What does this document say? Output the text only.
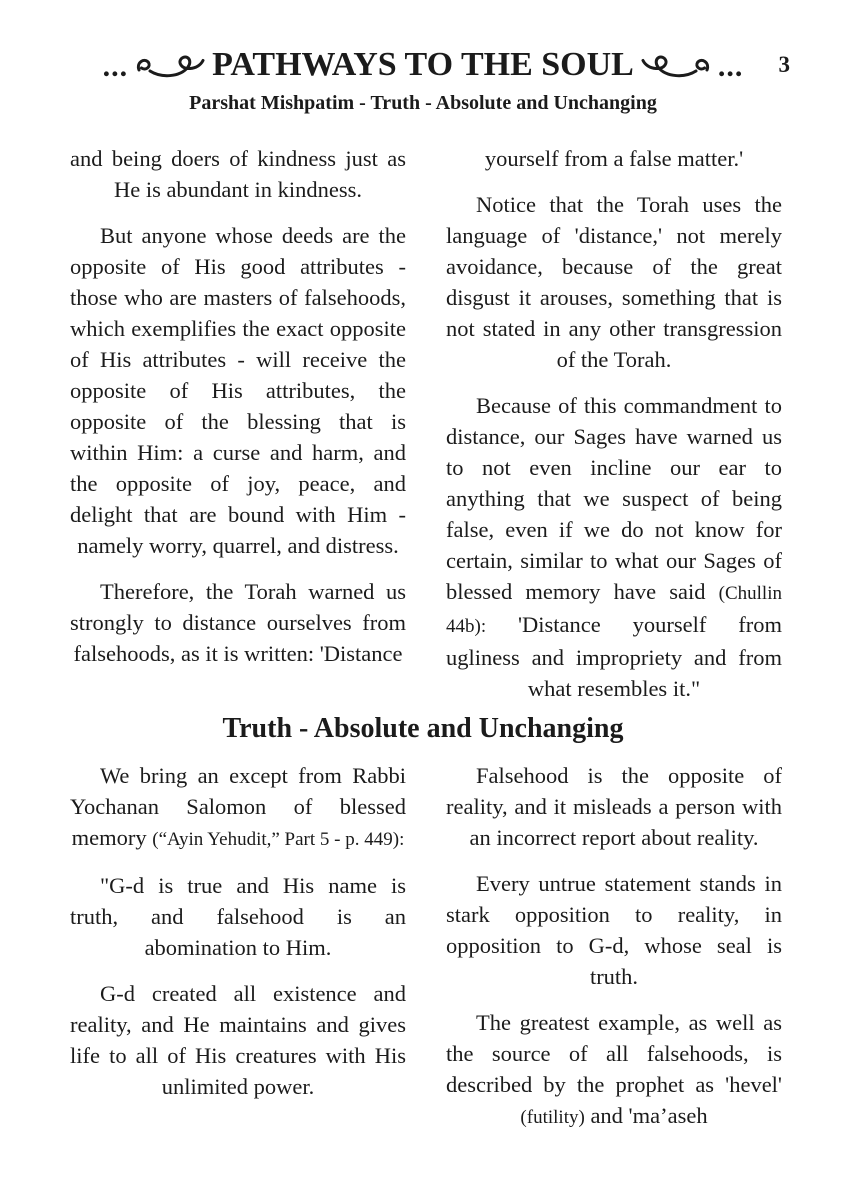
... PATHWAYS TO THE SOUL	... 3
Parshat Mishpatim - Truth - Absolute and Unchanging

and being doers of kindness just as He is abundant in kindness.

But anyone whose deeds are the opposite of His good attributes - those who are masters of falsehoods, which exemplifies the exact opposite of His attributes - will receive the opposite of His attributes, the opposite of the blessing that is within Him: a curse and harm, and the opposite of joy, peace, and delight that are bound with Him - namely worry, quarrel, and distress.

Therefore, the Torah warned us strongly to distance ourselves from falsehoods, as it is written: 'Distance

yourself from a false matter.'

Notice that the Torah uses the language of 'distance,' not merely avoidance, because of the great disgust it arouses, something that is not stated in any other transgression of the Torah.

Because of this commandment to distance, our Sages have warned us to not even incline our ear to anything that we suspect of being false, even if we do not know for certain, similar to what our Sages of blessed memory have said (Chullin 44b): 'Distance yourself from ugliness and impropriety and from what resembles it."

Truth - Absolute and Unchanging

We bring an except from Rabbi Yochanan Salomon of blessed memory (“Ayin Yehudit,” Part 5 - p. 449):

"G-d is true and His name is truth, and falsehood is an abomination to Him.

G-d created all existence and reality, and He maintains and gives life to all of His creatures with His unlimited power.

Falsehood is the opposite of reality, and it misleads a person with an incorrect report about reality.

Every untrue statement stands in stark opposition to reality, in opposition to G-d, whose seal is truth.

The greatest example, as well as the source of all falsehoods, is described by the prophet as 'hevel' (futility) and 'ma’aseh
